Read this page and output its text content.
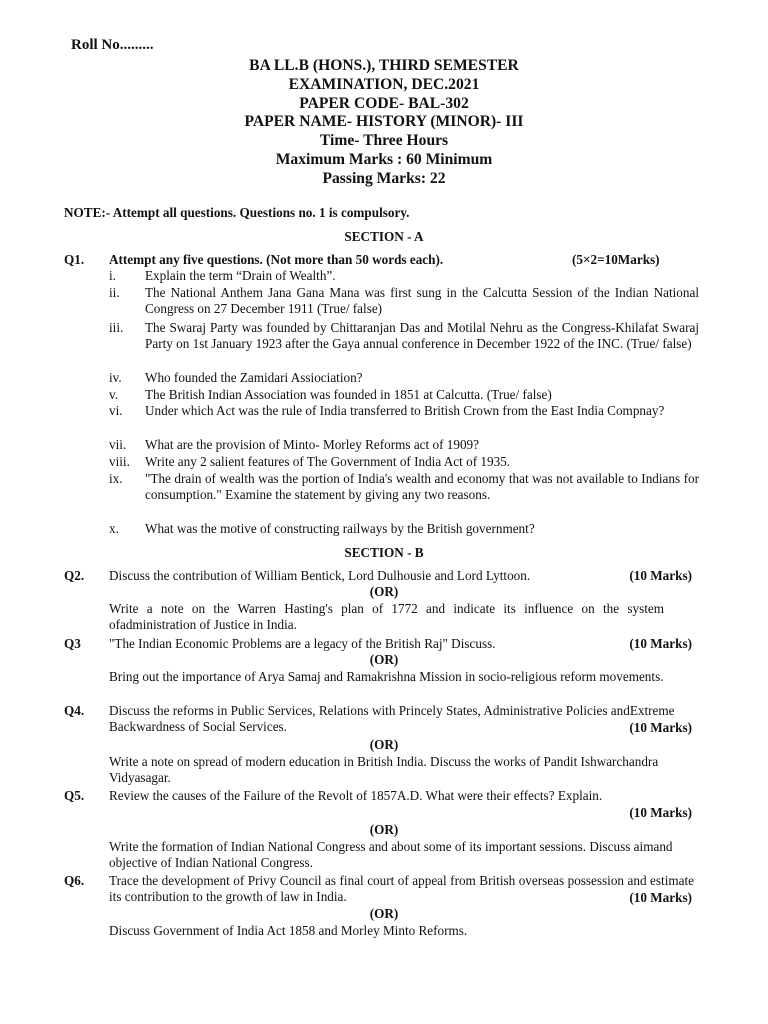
Roll No.........
BA LL.B (HONS.), THIRD SEMESTER
EXAMINATION, DEC.2021
PAPER CODE- BAL-302
PAPER NAME- HISTORY (MINOR)- III
Time- Three Hours
Maximum Marks : 60 Minimum
Passing Marks: 22
NOTE:- Attempt all questions. Questions no. 1 is compulsory.
SECTION - A
Q1. Attempt any five questions. (Not more than 50 words each).	(5×2=10Marks)
i.	Explain the term “Drain of Wealth”.
ii.	The National Anthem Jana Gana Mana was first sung in the Calcutta Session of the Indian National Congress on 27 December 1911 (True/ false)
iii.	The Swaraj Party was founded by Chittaranjan Das and Motilal Nehru as the Congress-Khilafat Swaraj Party on 1st January 1923 after the Gaya annual conference in December 1922 of the INC. (True/ false)
iv.	Who founded the Zamidari Assiociation?
v.	The British Indian Association was founded in 1851 at Calcutta. (True/ false)
vi.	Under which Act was the rule of India transferred to British Crown from the East India Compnay?
vii.	What are the provision of Minto- Morley Reforms act of 1909?
viii.	Write any 2 salient features of The Government of India Act of 1935.
ix.	"The drain of wealth was the portion of India's wealth and economy that was not available to Indians for consumption." Examine the statement by giving any two reasons.
x.	What was the motive of constructing railways by the British government?
SECTION - B
Q2. Discuss the contribution of William Bentick, Lord Dulhousie and Lord Lyttoon.	(10 Marks)
(OR)
Write a note on the Warren Hasting's plan of 1772 and indicate its influence on the system ofadministration of Justice in India.
Q3 "The Indian Economic Problems are a legacy of the British Raj" Discuss.	(10 Marks)
(OR)
Bring out the importance of Arya Samaj and Ramakrishna Mission in socio-religious reform movements.
Q4. Discuss the reforms in Public Services, Relations with Princely States, Administrative Policies andExtreme Backwardness of Social Services.	(10 Marks)
(OR)
Write a note on spread of modern education in British India. Discuss the works of Pandit Ishwarchandra Vidyasagar.
Q5. Review the causes of the Failure of the Revolt of 1857A.D. What were their effects? Explain.
(10 Marks)
(OR)
Write the formation of Indian National Congress and about some of its important sessions. Discuss aimand objective of Indian National Congress.
Q6. Trace the development of Privy Council as final court of appeal from British overseas possession and estimate its contribution to the growth of law in India.	(10 Marks)
(OR)
Discuss Government of India Act 1858 and Morley Minto Reforms.
